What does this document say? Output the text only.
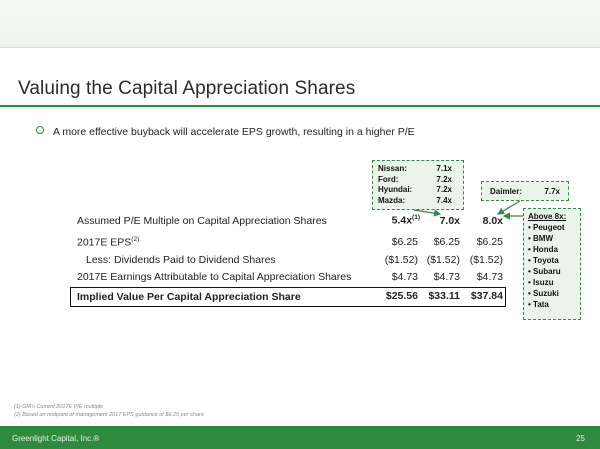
Valuing the Capital Appreciation Shares
A more effective buyback will accelerate EPS growth, resulting in a higher P/E
Nissan:	7.1x
Ford:	7.2x
Hyundai:	7.2x
Mazda:	7.4x
Daimler:	7.7x
Above 8x:
• Peugeot
• BMW
• Honda
• Toyota
• Subaru
• Isuzu
• Suzuki
• Tata
Assumed P/E Multiple on Capital Appreciation Shares	$5.4x^{(1)}$	7.0x	8.0x
2017E EPS$^{(2)}$	$6.25	$6.25	$6.25
Less: Dividends Paid to Dividend Shares	($1.52) ($1.52) ($1.52)
2017E Earnings Attributable to Capital Appreciation Shares	$4.73	$4.73	$4.73
Implied Value Per Capital Appreciation Share	$25.56 $33.11	$37.84
(1) GM's Current 2017E P/E multiple
(2) Based on midpoint of management 2017 EPS guidance of $6.25 per share
Greenlight Capital, Inc.®	25
